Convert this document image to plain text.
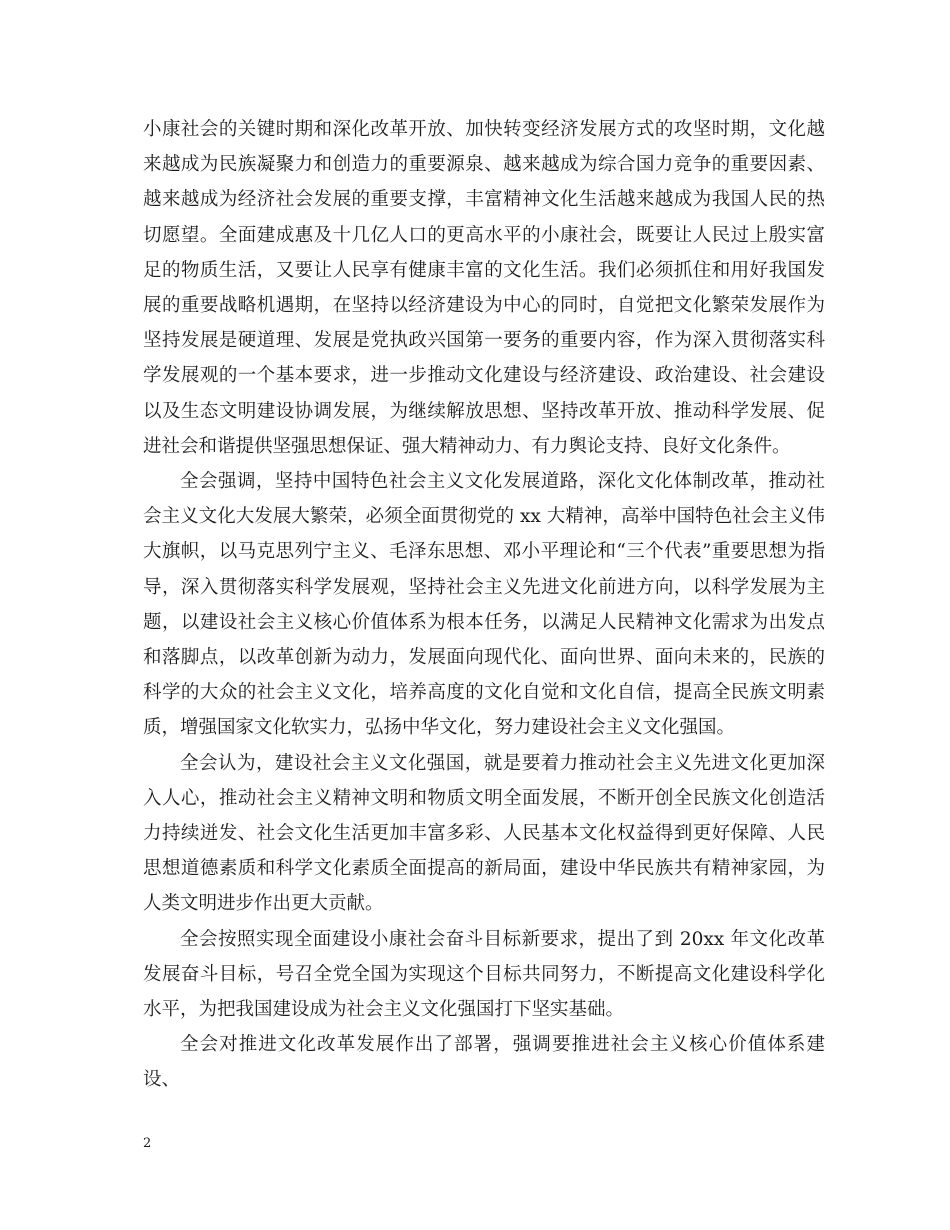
小康社会的关键时期和深化改革开放、加快转变经济发展方式的攻坚时期，文化越来越成为民族凝聚力和创造力的重要源泉、越来越成为综合国力竞争的重要因素、越来越成为经济社会发展的重要支撑，丰富精神文化生活越来越成为我国人民的热切愿望。全面建成惠及十几亿人口的更高水平的小康社会，既要让人民过上殷实富足的物质生活，又要让人民享有健康丰富的文化生活。我们必须抓住和用好我国发展的重要战略机遇期，在坚持以经济建设为中心的同时，自觉把文化繁荣发展作为坚持发展是硬道理、发展是党执政兴国第一要务的重要内容，作为深入贯彻落实科学发展观的一个基本要求，进一步推动文化建设与经济建设、政治建设、社会建设以及生态文明建设协调发展，为继续解放思想、坚持改革开放、推动科学发展、促进社会和谐提供坚强思想保证、强大精神动力、有力舆论支持、良好文化条件。

全会强调，坚持中国特色社会主义文化发展道路，深化文化体制改革，推动社会主义文化大发展大繁荣，必须全面贯彻党的 xx 大精神，高举中国特色社会主义伟大旗帜，以马克思列宁主义、毛泽东思想、邓小平理论和“三个代表”重要思想为指导，深入贯彻落实科学发展观，坚持社会主义先进文化前进方向，以科学发展为主题，以建设社会主义核心价值体系为根本任务，以满足人民精神文化需求为出发点和落脚点，以改革创新为动力，发展面向现代化、面向世界、面向未来的，民族的科学的大众的社会主义文化，培养高度的文化自觉和文化自信，提高全民族文明素质，增强国家文化软实力，弘扬中华文化，努力建设社会主义文化强国。

全会认为，建设社会主义文化强国，就是要着力推动社会主义先进文化更加深入人心，推动社会主义精神文明和物质文明全面发展，不断开创全民族文化创造活力持续迸发、社会文化生活更加丰富多彩、人民基本文化权益得到更好保障、人民思想道德素质和科学文化素质全面提高的新局面，建设中华民族共有精神家园，为人类文明进步作出更大贡献。

全会按照实现全面建设小康社会奋斗目标新要求，提出了到 20xx 年文化改革发展奋斗目标，号召全党全国为实现这个目标共同努力，不断提高文化建设科学化水平，为把我国建设成为社会主义文化强国打下坚实基础。

全会对推进文化改革发展作出了部署，强调要推进社会主义核心价值体系建设、

2
